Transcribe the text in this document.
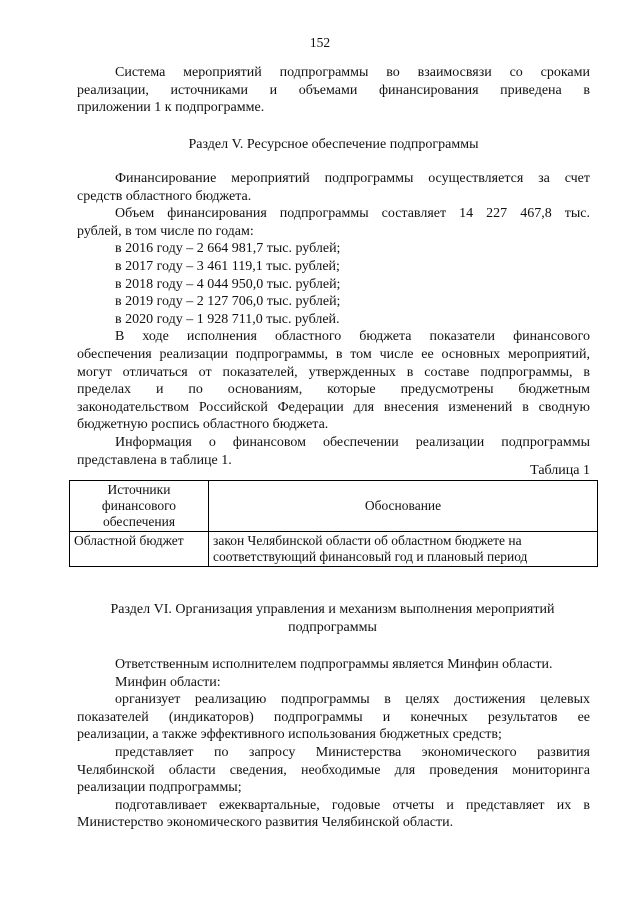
152

Система мероприятий подпрограммы во взаимосвязи со сроками

реализации, источниками и объемами финансирования приведена в

приложении 1 к подпрограмме.

Раздел V. Ресурсное обеспечение подпрограммы

Финансирование мероприятий подпрограммы осуществляется за счет

средств областного бюджета.

Объем финансирования подпрограммы составляет 14 227 467,8 тыс.

рублей, в том числе по годам:

в 2016 году – 2 664 981,7 тыс. рублей;

в 2017 году – 3 461 119,1 тыс. рублей;

в 2018 году – 4 044 950,0 тыс. рублей;

в 2019 году – 2 127 706,0 тыс. рублей;

в 2020 году – 1 928 711,0 тыс. рублей.

В ходе исполнения областного бюджета показатели финансового

обеспечения реализации подпрограммы, в том числе ее основных мероприятий,

могут отличаться от показателей, утвержденных в составе подпрограммы, в

пределах и по основаниям, которые предусмотрены бюджетным

законодательством Российской Федерации для внесения изменений в сводную

бюджетную роспись областного бюджета.

Информация о финансовом обеспечении реализации подпрограммы

представлена в таблице 1.

Таблица 1
Источники
финансового
обеспечения	Обоснование
Областной бюджет	закон Челябинской области об областном бюджете на
соответствующий финансовый год и плановый период

Раздел VI. Организация управления и механизм выполнения мероприятий

подпрограммы

Ответственным исполнителем подпрограммы является Минфин области.

Минфин области:

организует реализацию подпрограммы в целях достижения целевых

показателей (индикаторов) подпрограммы и конечных результатов ее

реализации, а также эффективного использования бюджетных средств;

представляет по запросу Министерства экономического развития

Челябинской области сведения, необходимые для проведения мониторинга

реализации подпрограммы;

подготавливает ежеквартальные, годовые отчеты и представляет их в

Министерство экономического развития Челябинской области.
